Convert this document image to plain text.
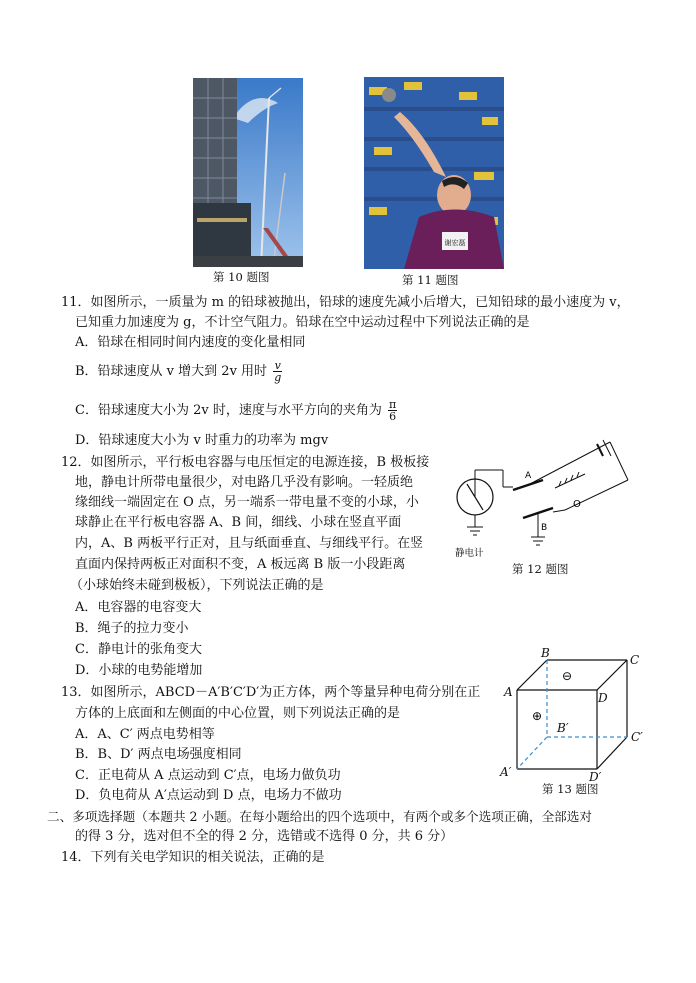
第 10 题图
谢宏磊
第 11 题图
11．如图所示，一质量为 m 的铅球被抛出，铅球的速度先减小后增大，已知铅球的最小速度为 v，
已知重力加速度为 g，不计空气阻力。铅球在空中运动过程中下列说法正确的是
A．铅球在相同时间内速度的变化量相同
B．铅球速度从 v 增大到 2v 用时 $\frac{v}{g}$
C．铅球速度大小为 2v 时，速度与水平方向的夹角为 $\frac{\pi}{6}$
D．铅球速度大小为 v 时重力的功率为 mgv
12．如图所示，平行板电容器与电压恒定的电源连接，B 极板接
地，静电计所带电量很少，对电路几乎没有影响。一轻质绝
缘细线一端固定在 O 点，另一端系一带电量不变的小球，小
球静止在平行板电容器 A、B 间，细线、小球在竖直平面
内，A、B 两板平行正对，且与纸面垂直、与细线平行。在竖
直面内保持两板正对面积不变，A 板远离 B 版一小段距离
（小球始终未碰到极板），下列说法正确的是
A．电容器的电容变大
B．绳子的拉力变小
C．静电计的张角变大
D．小球的电势能增加
A
B
O
静电计
第 12 题图
13．如图所示，ABCD－A′B′C′D′为正方体，两个等量异种电荷分别在正
方体的上底面和左侧面的中心位置，则下列说法正确的是
A．A、C′ 两点电势相等
B．B、D′ 两点电场强度相同
C．正电荷从 A 点运动到 C′点，电场力做负功
D．负电荷从 A′点运动到 D 点，电场力不做功
⊖
⊕
B	C
A	D
B′
C′
A′	D′
第 13 题图
二、多项选择题（本题共 2 小题。在每小题给出的四个选项中，有两个或多个选项正确，全部选对
的得 3 分，选对但不全的得 2 分，选错或不选得 0 分，共 6 分）
14．下列有关电学知识的相关说法，正确的是
